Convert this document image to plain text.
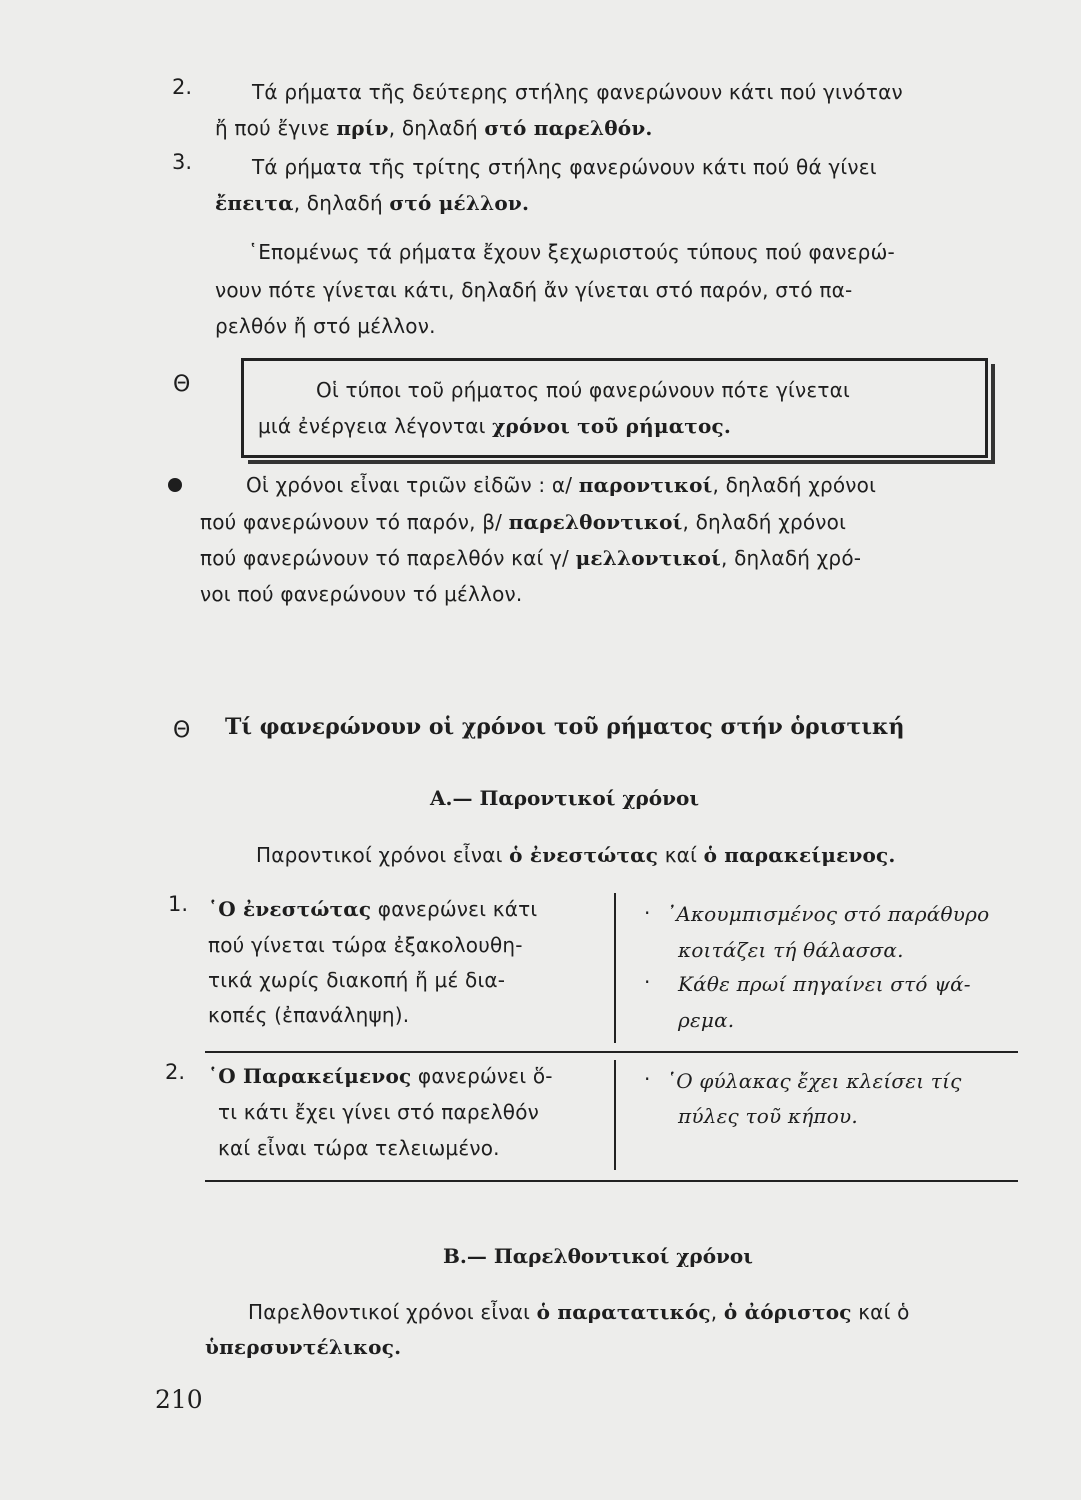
2.	Τά ρήματα τῆς δεύτερης στήλης φανερώνουν κάτι πού γινόταν
ἤ πού ἔγινε πρίν, δηλαδή στό παρελθόν.
3.	Τά ρήματα τῆς τρίτης στήλης φανερώνουν κάτι πού θά γίνει
ἔπειτα, δηλαδή στό μέλλον.
῾Επομένως τά ρήματα ἔχουν ξεχωριστούς τύπους πού φανερώ-
νουν πότε γίνεται κάτι, δηλαδή ἄν γίνεται στό παρόν, στό πα-
ρελθόν ἤ στό μέλλον.
Θ	Οἱ τύποι τοῦ ρήματος πού φανερώνουν πότε γίνεται
μιά ἐνέργεια λέγονται χρόνοι τοῦ ρήματος.
Οἱ χρόνοι εἶναι τριῶν εἰδῶν : α/ παροντικοί, δηλαδή χρόνοι
πού φανερώνουν τό παρόν, β/ παρελθοντικοί, δηλαδή χρόνοι
πού φανερώνουν τό παρελθόν καί γ/ μελλοντικοί, δηλαδή χρό-
νοι πού φανερώνουν τό μέλλον.
Θ Τί φανερώνουν οἱ χρόνοι τοῦ ρήματος στήν ὁριστική
Α.— Παροντικοί χρόνοι
Παροντικοί χρόνοι εἶναι ὁ ἐνεστώτας καί ὁ παρακείμενος.
1. ῾Ο ἐνεστώτας φανερώνει κάτι
πού γίνεται τώρα ἐξακολουθη-
τικά χωρίς διακοπή ἤ μέ δια-
κοπές (ἐπανάληψη).
· ᾿Ακουμπισμένος στό παράθυρο
κοιτάζει τή θάλασσα.
· Κάθε πρωί πηγαίνει στό ψά-
ρεμα.
2. ῾Ο Παρακείμενος φανερώνει ὅ-
τι κάτι ἔχει γίνει στό παρελθόν
καί εἶναι τώρα τελειωμένο.
· ῾Ο φύλακας ἔχει κλείσει τίς
πύλες τοῦ κήπου.
Β.— Παρελθοντικοί χρόνοι
Παρελθοντικοί χρόνοι εἶναι ὁ παρατατικός, ὁ ἀόριστος καί ὁ
ὑπερσυντέλικος.
210
